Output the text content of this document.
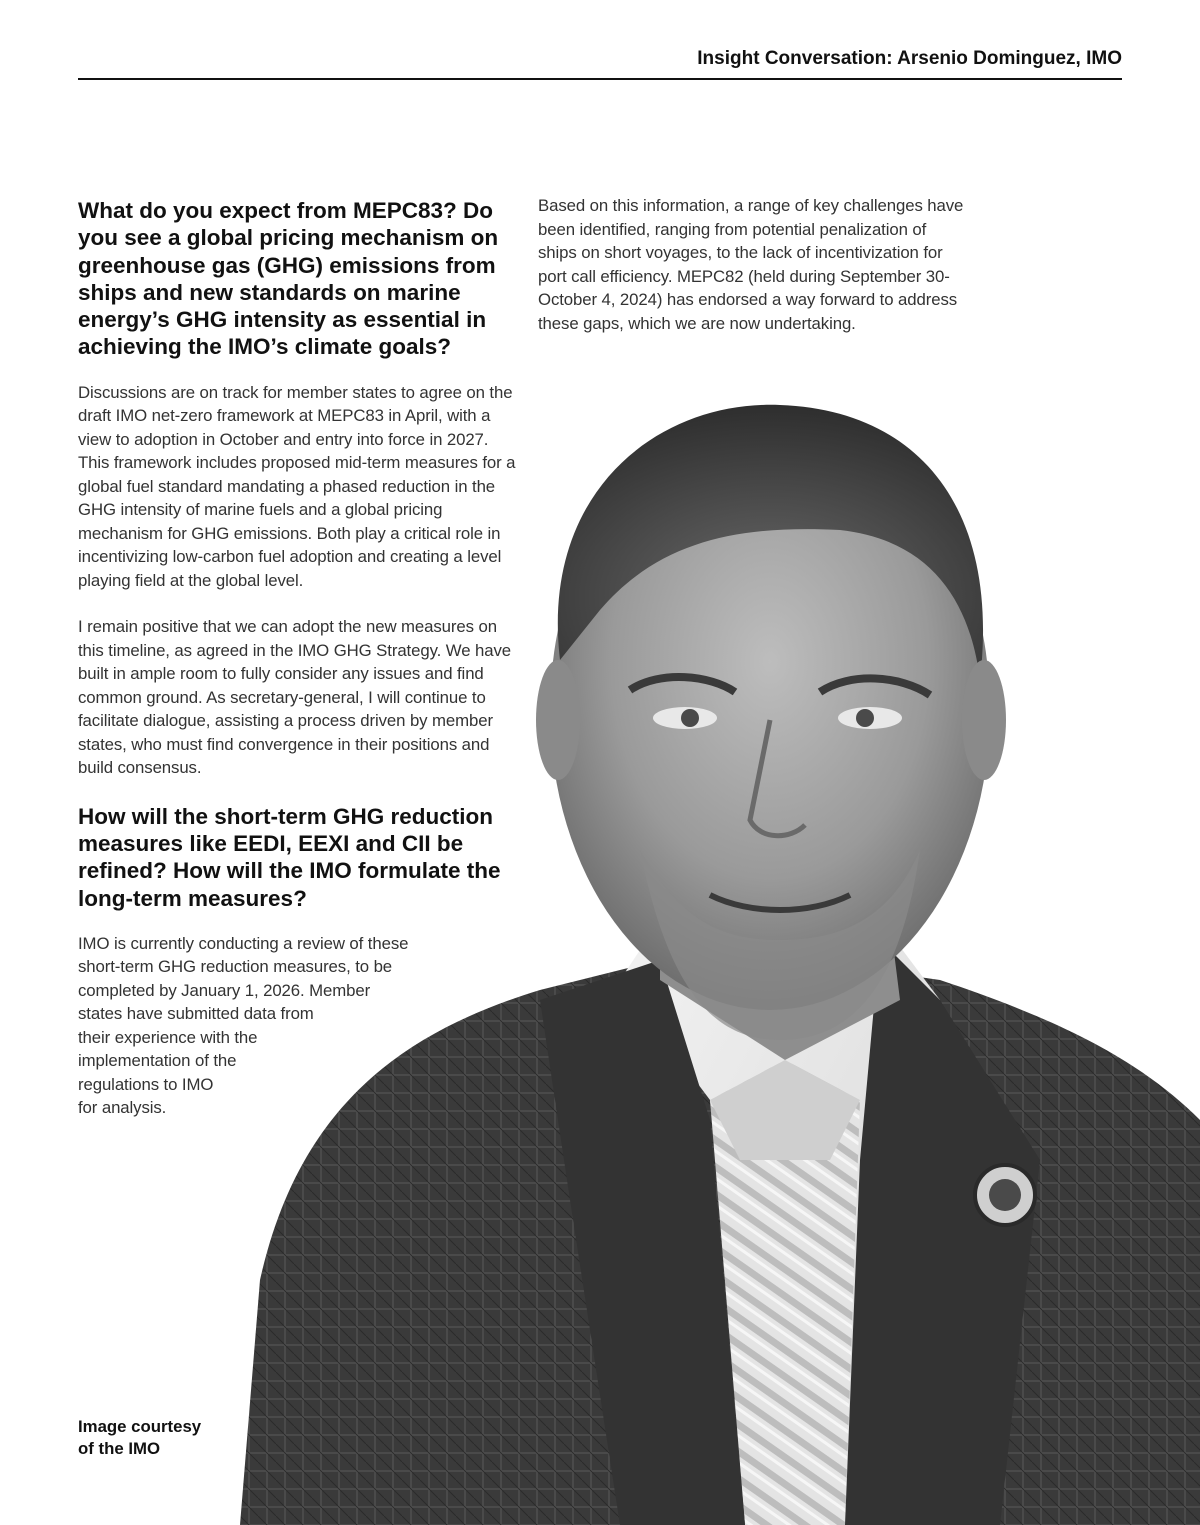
Insight Conversation: Arsenio Dominguez, IMO
What do you expect from MEPC83? Do you see a global pricing mechanism on greenhouse gas (GHG) emissions from ships and new standards on marine energy’s GHG intensity as essential in achieving the IMO’s climate goals?

Discussions are on track for member states to agree on the draft IMO net-zero framework at MEPC83 in April, with a view to adoption in October and entry into force in 2027. This framework includes proposed mid-term measures for a global fuel standard mandating a phased reduction in the GHG intensity of marine fuels and a global pricing mechanism for GHG emissions. Both play a critical role in incentivizing low-carbon fuel adoption and creating a level playing field at the global level.

I remain positive that we can adopt the new measures on this timeline, as agreed in the IMO GHG Strategy. We have built in ample room to fully consider any issues and find common ground. As secretary-general, I will continue to facilitate dialogue, assisting a process driven by member states, who must find convergence in their positions and build consensus.

How will the short-term GHG reduction measures like EEDI, EEXI and CII be refined? How will the IMO formulate the long-term measures?

IMO is currently conducting a review of these
short-term GHG reduction measures, to be
completed by January 1, 2026. Member
states have submitted data from
their experience with the
implementation of the
regulations to IMO
for analysis.

Based on this information, a range of key challenges have been identified, ranging from potential penalization of ships on short voyages, to the lack of incentivization for port call efficiency. MEPC82 (held during September 30-October 4, 2024) has endorsed a way forward to address these gaps, which we are now undertaking.

Image courtesy
of the IMO
